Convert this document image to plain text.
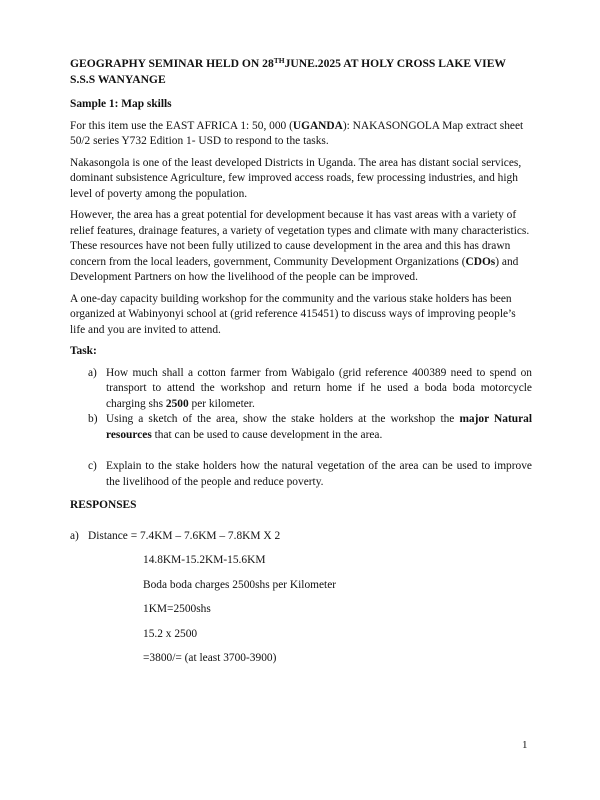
GEOGRAPHY SEMINAR HELD ON 28THJUNE.2025 AT HOLY CROSS LAKE VIEW
S.S.S WANYANGE
Sample 1: Map skills

For this item use the EAST AFRICA 1: 50, 000 (UGANDA): NAKASONGOLA Map extract sheet 50/2 series Y732 Edition 1- USD to respond to the tasks.

Nakasongola is one of the least developed Districts in Uganda. The area has distant social services, dominant subsistence Agriculture, few improved access roads, few processing industries, and high level of poverty among the population.

However, the area has a great potential for development because it has vast areas with a variety of relief features, drainage features, a variety of vegetation types and climate with many characteristics. These resources have not been fully utilized to cause development in the area and this has drawn concern from the local leaders, government, Community Development Organizations (CDOs) and Development Partners on how the livelihood of the people can be improved.

A one-day capacity building workshop for the community and the various stake holders has been organized at Wabinyonyi school at (grid reference 415451) to discuss ways of improving people’s life and you are invited to attend.

Task:
a) How much shall a cotton farmer from Wabigalo (grid reference 400389 need to spend on transport to attend the workshop and return home if he used a boda boda motorcycle charging shs 2500 per kilometer.
b) Using a sketch of the area, show the stake holders at the workshop the major Natural resources that can be used to cause development in the area.
c) Explain to the stake holders how the natural vegetation of the area can be used to improve the livelihood of the people and reduce poverty.
RESPONSES
a) Distance = 7.4KM – 7.6KM – 7.8KM X 2
14.8KM-15.2KM-15.6KM
Boda boda charges 2500shs per Kilometer
1KM=2500shs
15.2 x 2500
=3800/= (at least 3700-3900)
1
